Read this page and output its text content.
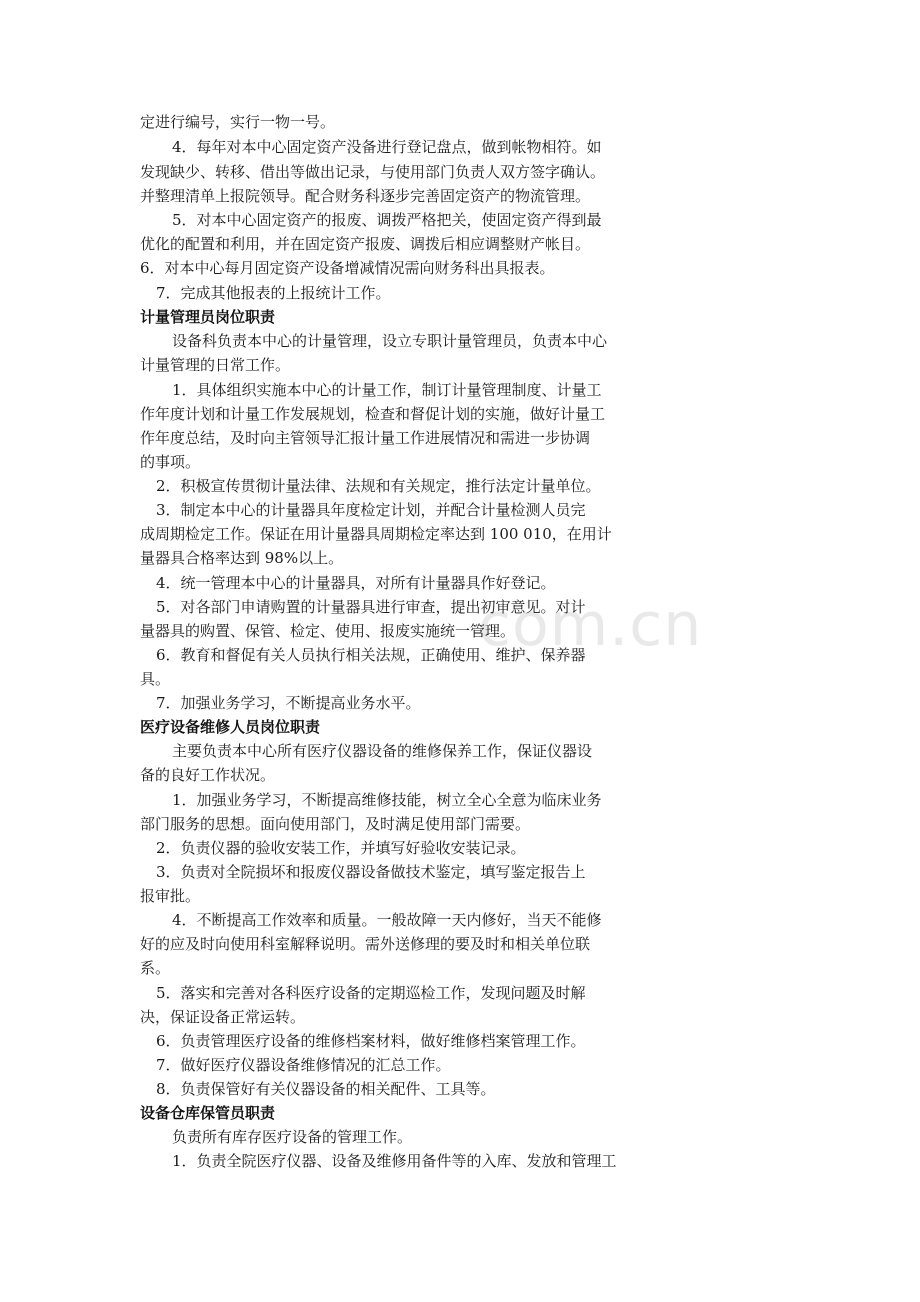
com.cn
定进行编号，实行一物一号。
4．每年对本中心固定资产没备进行登记盘点，做到帐物相符。如
发现缺少、转移、借出等做出记录，与使用部门负责人双方签字确认。
并整理清单上报院领导。配合财务科逐步完善固定资产的物流管理。
5．对本中心固定资产的报废、调拨严格把关，使固定资产得到最
优化的配置和利用，并在固定资产报废、调拨后相应调整财产帐目。
6．对本中心每月固定资产设备增减情况需向财务科出具报表。
7．完成其他报表的上报统计工作。
计量管理员岗位职责
设备科负责本中心的计量管理，设立专职计量管理员，负责本中心
计量管理的日常工作。
1．具体组织实施本中心的计量工作，制订计量管理制度、计量工
作年度计划和计量工作发展规划，检查和督促计划的实施，做好计量工
作年度总结，及时向主管领导汇报计量工作进展情况和需进一步协调
的事项。
2．积极宣传贯彻计量法律、法规和有关规定，推行法定计量单位。
3．制定本中心的计量器具年度检定计划，并配合计量检测人员完
成周期检定工作。保证在用计量器具周期检定率达到 100 010，在用计
量器具合格率达到 98%以上。
4．统一管理本中心的计量器具，对所有计量器具作好登记。
5．对各部门申请购置的计量器具进行审查，提出初审意见。对计
量器具的购置、保管、检定、使用、报废实施统一管理。
6．教育和督促有关人员执行相关法规，正确使用、维护、保养器
具。
7．加强业务学习，不断提高业务水平。
医疗设备维修人员岗位职责
主要负责本中心所有医疗仪器设备的维修保养工作，保证仪器设
备的良好工作状况。
1．加强业务学习，不断提高维修技能，树立全心全意为临床业务
部门服务的思想。面向使用部门，及时满足使用部门需要。
2．负责仪器的验收安装工作，并填写好验收安装记录。
3．负责对全院损坏和报废仪器设备做技术鉴定，填写鉴定报告上
报审批。
4．不断提高工作效率和质量。一般故障一天内修好，当天不能修
好的应及时向使用科室解释说明。需外送修理的要及时和相关单位联
系。
5．落实和完善对各科医疗设备的定期巡检工作，发现问题及时解
决，保证设备正常运转。
6．负责管理医疗设备的维修档案材料，做好维修档案管理工作。
7．做好医疗仪器设备维修情况的汇总工作。
8．负责保管好有关仪器设备的相关配件、工具等。
设备仓库保管员职责
负责所有库存医疗设备的管理工作。
1．负责全院医疗仪器、设备及维修用备件等的入库、发放和管理工
